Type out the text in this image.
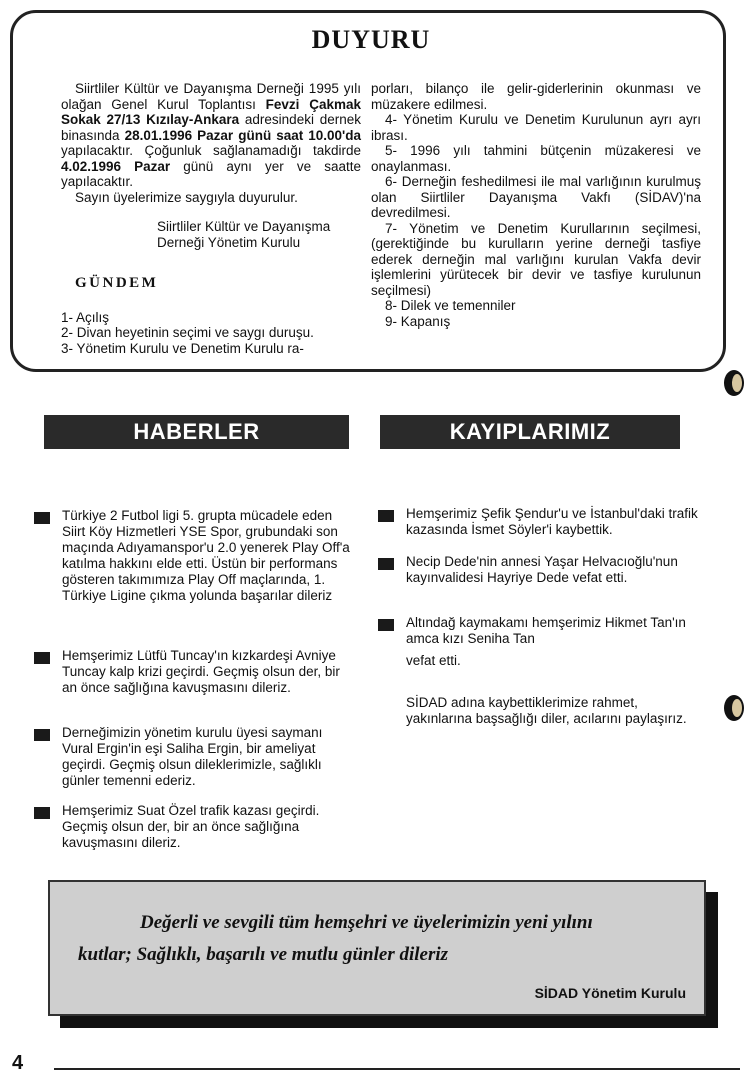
DUYURU

Siirtliler Kültür ve Dayanışma Derneği 1995 yılı olağan Genel Kurul Toplantısı Fevzi Çakmak Sokak 27/13 Kızılay-Ankara adresindeki dernek binasında 28.01.1996 Pazar günü saat 10.00'da yapılacaktır. Çoğunluk sağlanamadığı takdirde 4.02.1996 Pazar günü aynı yer ve saatte yapılacaktır.

Sayın üyelerimize saygıyla duyurulur.

Siirtliler Kültür ve Dayanışma
Derneği Yönetim Kurulu
GÜNDEM

1- Açılış

2- Divan heyetinin seçimi ve saygı duruşu.

3- Yönetim Kurulu ve Denetim Kurulu ra-

porları, bilanço ile gelir-giderlerinin okunması ve müzakere edilmesi.

4- Yönetim Kurulu ve Denetim Kurulunun ayrı ayrı ibrası.

5- 1996 yılı tahmini bütçenin müzakeresi ve onaylanması.

6- Derneğin feshedilmesi ile mal varlığının kurulmuş olan Siirtliler Dayanışma Vakfı (SİDAV)'na devredilmesi.

7- Yönetim ve Denetim Kurullarının seçilmesi, (gerektiğinde bu kurulların yerine derneği tasfiye ederek derneğin mal varlığını kurulan Vakfa devir işlemlerini yürütecek bir devir ve tasfiye kurulunun seçilmesi)

8- Dilek ve temenniler

9- Kapanış

HABERLER	KAYIPLARIMIZ
Türkiye 2 Futbol ligi 5. grupta mücadele eden Siirt Köy Hizmetleri YSE Spor, grubundaki son maçında Adıyamanspor'u 2.0 yenerek Play Off'a katılma hakkını elde etti. Üstün bir performans gösteren takımımıza Play Off maçlarında, 1. Türkiye Ligine çıkma yolunda başarılar dileriz
Hemşerimiz Lütfü Tuncay'ın kızkardeşi Avniye Tuncay kalp krizi geçirdi. Geçmiş olsun der, bir an önce sağlığına kavuşmasını dileriz.
Derneğimizin yönetim kurulu üyesi saymanı Vural Ergin'in eşi Saliha Ergin, bir ameliyat geçirdi. Geçmiş olsun dileklerimizle, sağlıklı günler temenni ederiz.
Hemşerimiz Suat Özel trafik kazası geçirdi. Geçmiş olsun der, bir an önce sağlığına kavuşmasını dileriz.
Hemşerimiz Şefik Şendur'u ve İstanbul'daki trafik kazasında İsmet Söyler'i kaybettik.
Necip Dede'nin annesi Yaşar Helvacıoğlu'nun kayınvalidesi Hayriye Dede vefat etti.
Altındağ kaymakamı hemşerimiz Hikmet Tan'ın amca kızı Seniha Tan
vefat etti.
SİDAD adına kaybettiklerimize rahmet, yakınlarına başsağlığı diler, acılarını paylaşırız.
Değerli ve sevgili tüm hemşehri ve üyelerimizin yeni yılını
kutlar; Sağlıklı, başarılı ve mutlu günler dileriz
SİDAD Yönetim Kurulu
4
